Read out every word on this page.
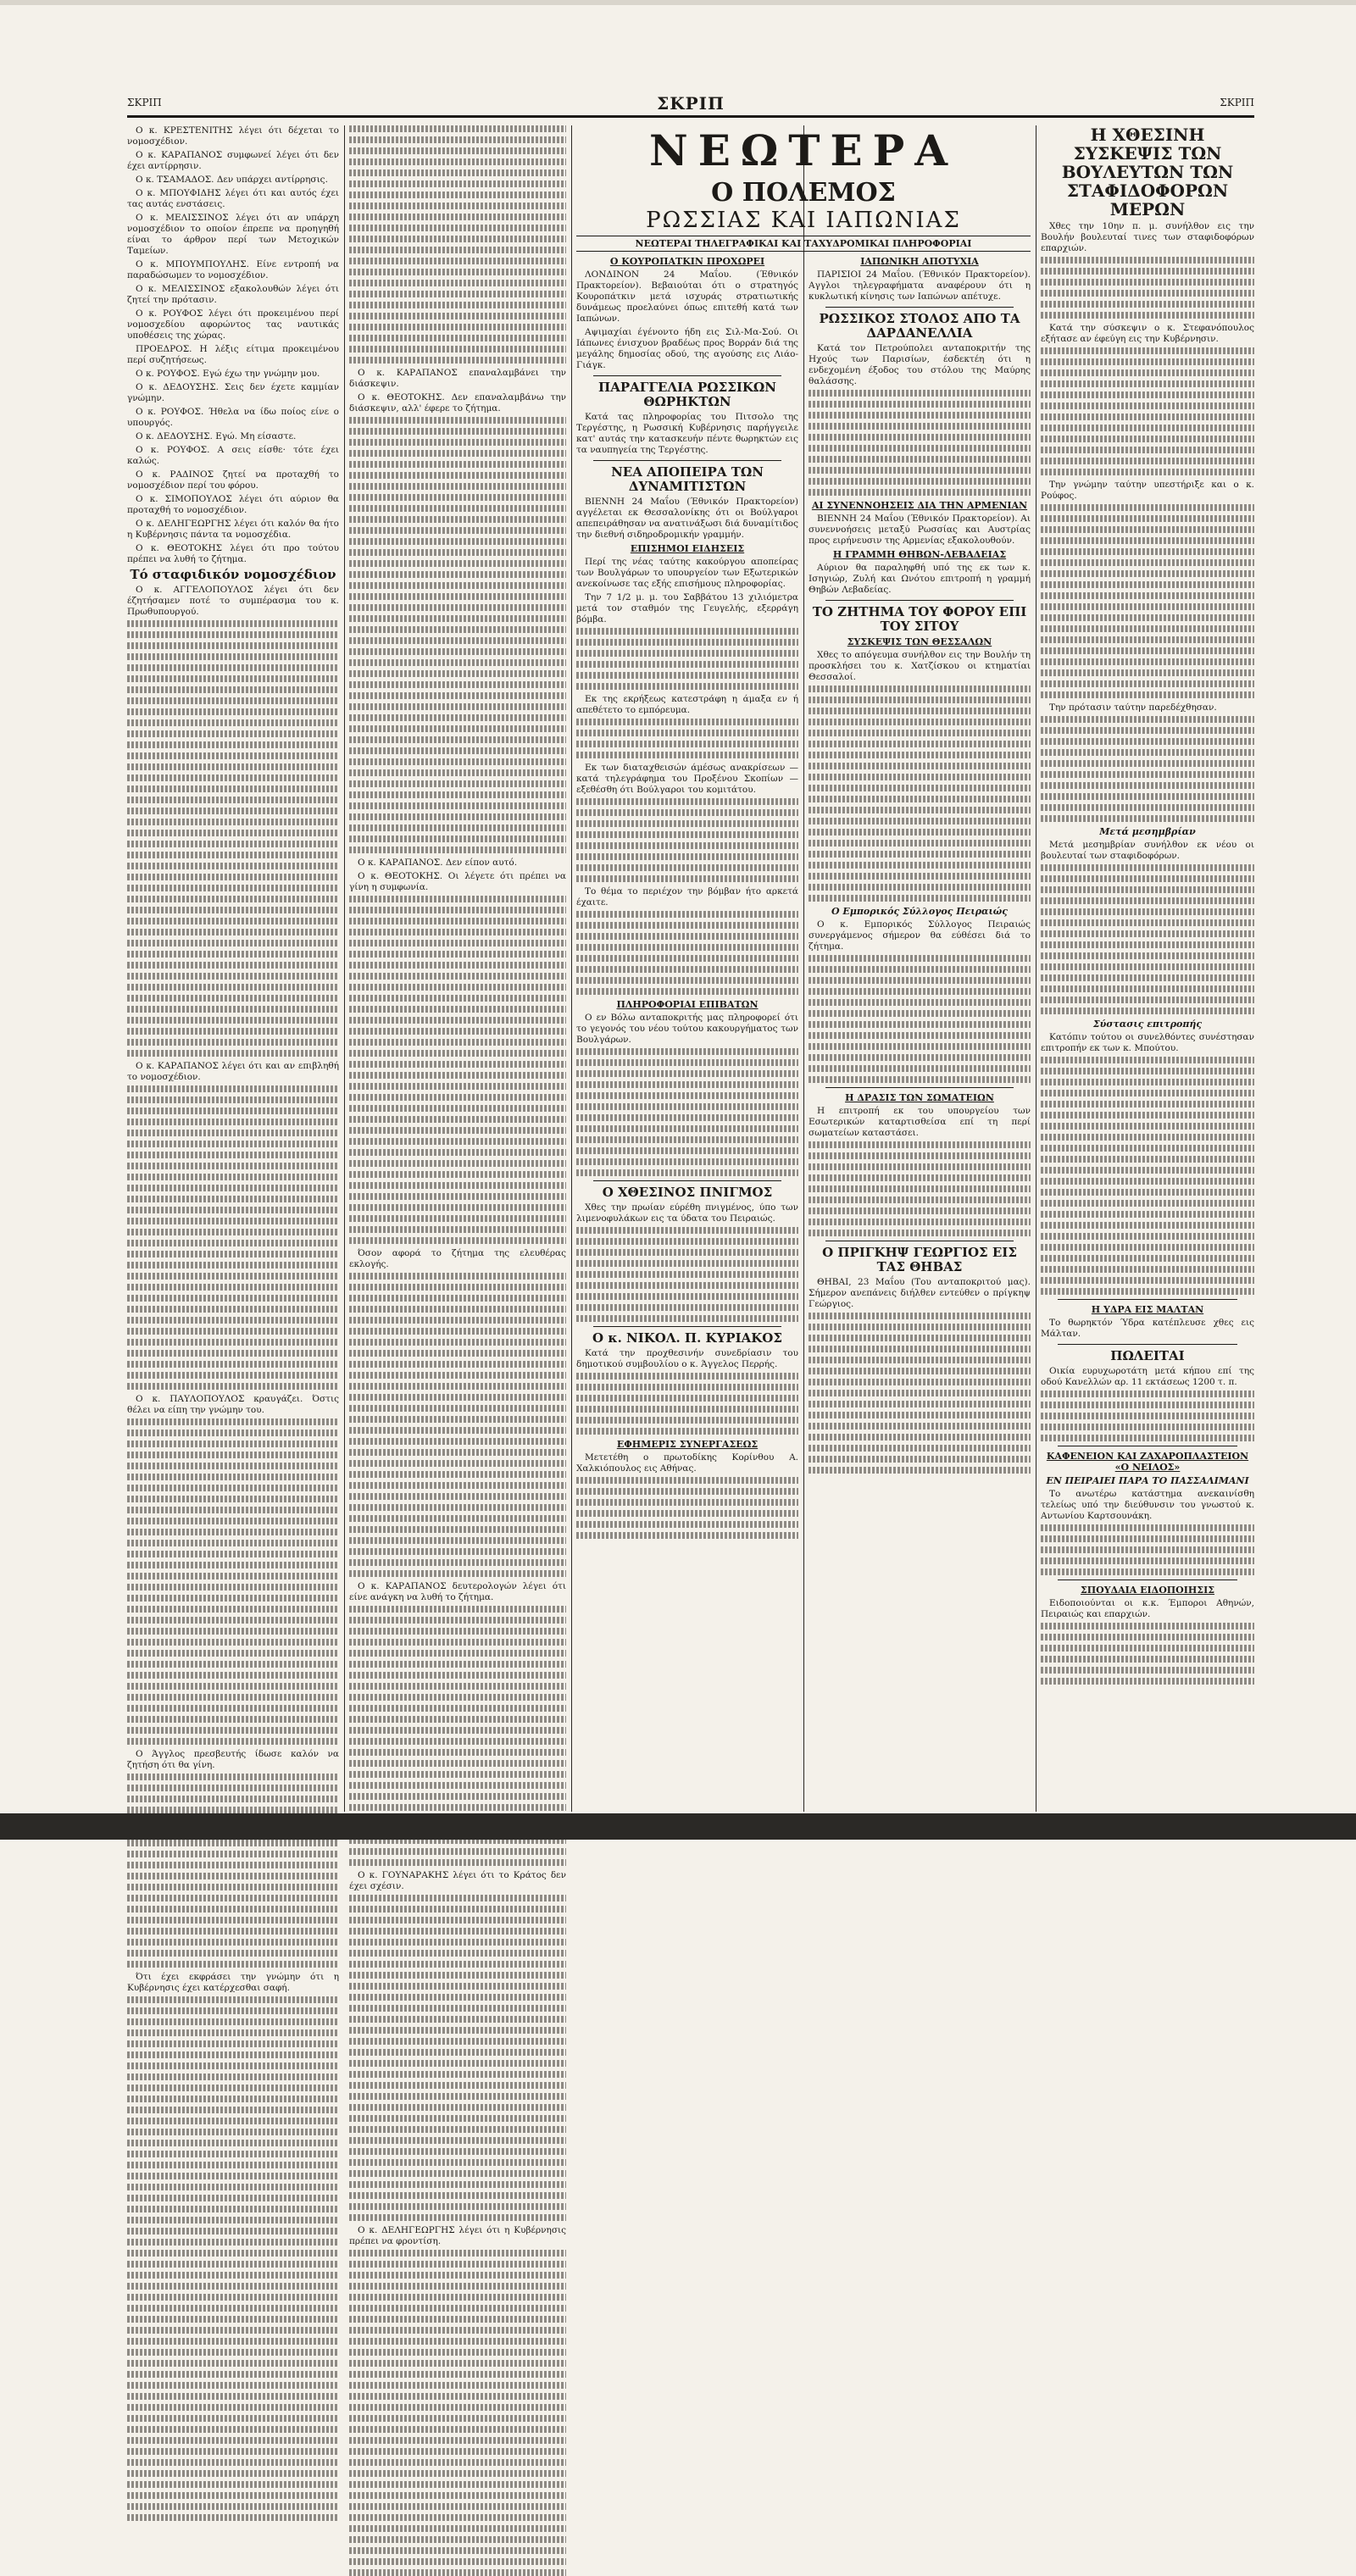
ΣΚΡΙΠ	ΣΚΡΙΠ	ΣΚΡΙΠ

Ο κ. ΚΡΕΣΤΕΝΙΤΗΣ λέγει ότι δέχεται το νομοσχέδιον.

Ο κ. ΚΑΡΑΠΑΝΟΣ συμφωνεί λέγει ότι δεν έχει αντίρρησιν.

Ο κ. ΤΣΑΜΑΔΟΣ. Δεν υπάρχει αντίρρησις.

Ο κ. ΜΠΟΥΦΙΔΗΣ λέγει ότι και αυτός έχει τας αυτάς ενστάσεις.

Ο κ. ΜΕΛΙΣΣΙΝΟΣ λέγει ότι αν υπάρχη νομοσχέδιον το οποίον έπρεπε να προηγηθή είναι το άρθρον περί των Μετοχικών Ταμείων.

Ο κ. ΜΠΟΥΜΠΟΥΛΗΣ. Είνε εντροπή να παραδώσωμεν το νομοσχέδιον.

Ο κ. ΜΕΛΙΣΣΙΝΟΣ εξακολουθών λέγει ότι ζητεί την πρότασιν.

Ο κ. ΡΟΥΦΟΣ λέγει ότι προκειμένου περί νομοσχεδίου αφορώντος τας ναυτικάς υποθέσεις της χώρας.

ΠΡΟΕΔΡΟΣ. Η λέξις είτιμα προκειμένου περί συζητήσεως.

Ο κ. ΡΟΥΦΟΣ. Εγώ έχω την γνώμην μου.

Ο κ. ΔΕΔΟΥΣΗΣ. Σεις δεν έχετε καμμίαν γνώμην.

Ο κ. ΡΟΥΦΟΣ. Ήθελα να ίδω ποίος είνε ο υπουργός.

Ο κ. ΔΕΔΟΥΣΗΣ. Εγώ. Μη είσαστε.

Ο κ. ΡΟΥΦΟΣ. Α σεις είσθε· τότε έχει καλώς.

Ο κ. ΡΑΔΙΝΟΣ ζητεί να προταχθή το νομοσχέδιον περί του φόρου.

Ο κ. ΣΙΜΟΠΟΥΛΟΣ λέγει ότι αύριον θα προταχθή το νομοσχέδιον.

Ο κ. ΔΕΛΗΓΕΩΡΓΗΣ λέγει ότι καλόν θα ήτο η Κυβέρνησις πάντα τα νομοσχέδια.

Ο κ. ΘΕΟΤΟΚΗΣ λέγει ότι προ τούτου πρέπει να λυθή το ζήτημα.

Τό σταφιδικόν νομοσχέδιον

Ο κ. ΑΓΓΕΛΟΠΟΥΛΟΣ λέγει ότι δεν έζητήσαμεν ποτέ το συμπέρασμα του κ. Πρωθυπουργού.

Ο κ. ΚΑΡΑΠΑΝΟΣ λέγει ότι και αν επιβληθή το νομοσχέδιον.

Ο κ. ΠΑΥΛΟΠΟΥΛΟΣ κραυγάζει. Όστις θέλει να είπη την γνώμην του.

Ο Άγγλος πρεσβευτής ίδωσε καλόν να ζητήση ότι θα γίνη.

Ότι έχει εκφράσει την γνώμην ότι η Κυβέρνησις έχει κατέρχεσθαι σαφή.

Ο κ. ΚΑΡΑΠΑΝΟΣ επαναλαμβάνει την διάσκεψιν.

Ο κ. ΘΕΟΤΟΚΗΣ. Δεν επαναλαμβάνω την διάσκεψιν, αλλ' έφερε το ζήτημα.

Ο κ. ΚΑΡΑΠΑΝΟΣ. Δεν είπον αυτό.

Ο κ. ΘΕΟΤΟΚΗΣ. Οι λέγετε ότι πρέπει να γίνη η συμφωνία.

Όσον αφορά το ζήτημα της ελευθέρας εκλογής.

Ο κ. ΚΑΡΑΠΑΝΟΣ δευτερολογών λέγει ότι είνε ανάγκη να λυθή το ζήτημα.

Ο κ. ΓΟΥΝΑΡΑΚΗΣ λέγει ότι το Κράτος δεν έχει σχέσιν.

Ο κ. ΔΕΛΗΓΕΩΡΓΗΣ λέγει ότι η Κυβέρνησις πρέπει να φροντίση.

ΝΕΩΤΕΡΑ
Ο ΠΟΛΕΜΟΣ
ΡΩΣΣΙΑΣ ΚΑΙ ΙΑΠΩΝΙΑΣ
ΝΕΩΤΕΡΑΙ ΤΗΛΕΓΡΑΦΙΚΑΙ ΚΑΙ ΤΑΧΥΔΡΟΜΙΚΑΙ ΠΛΗΡΟΦΟΡΙΑΙ

Ο ΚΟΥΡΟΠΑΤΚΙΝ ΠΡΟΧΩΡΕΙ

ΛΟΝΔΙΝΟΝ 24 Μαΐου. (Έθνικόν Πρακτορείον). Βεβαιούται ότι ο στρατηγός Κουροπάτκιν μετά ισχυράς στρατιωτικής δυνάμεως προελαύνει όπως επιτεθή κατά των Ιαπώνων.

Αψιμαχίαι έγένοντο ήδη εις Σιλ-Μα-Σού. Οι Ιάπωνες ένισχυον βραδέως προς Βορράν διά της μεγάλης δημοσίας οδού, της αγούσης εις Λιάο-Γιάγκ.

ΠΑΡΑΓΓΕΛΙΑ ΡΩΣΣΙΚΩΝ ΘΩΡΗΚΤΩΝ

Κατά τας πληροφορίας του Πιτσολο της Τεργέστης, η Ρωσσική Κυβέρνησις παρήγγειλε κατ' αυτάς την κατασκευήν πέντε θωρηκτών εις τα ναυπηγεία της Τεργέστης.

ΝΕΑ ΑΠΟΠΕΙΡΑ ΤΩΝ ΔΥΝΑΜΙΤΙΣΤΩΝ

ΒΙΕΝΝΗ 24 Μαΐου (Έθνικόν Πρακτορείον) αγγέλεται εκ Θεσσαλονίκης ότι οι Βούλγαροι απεπειράθησαν να ανατινάξωσι διά δυναμίτιδος την διεθνή σιδηροδρομικήν γραμμήν.

ΕΠΙΣΗΜΟΙ ΕΙΔΗΣΕΙΣ

Περί της νέας ταύτης κακούργου αποπείρας των Βουλγάρων το υπουργείον των Εξωτερικών ανεκοίνωσε τας εξής επισήμους πληροφορίας.

Την 7 1/2 μ. μ. του Σαββάτου 13 χιλιόμετρα μετά τον σταθμόν της Γευγελής, εξερράγη βόμβα.

Εκ της εκρήξεως κατεστράφη η άμαξα εν ή απεθέτετο το εμπόρευμα.

Εκ των διαταχθεισών άμέσως ανακρίσεων — κατά τηλεγράφημα του Προξένου Σκοπίων — εξεθέσθη ότι Βούλγαροι του κομιτάτου.

Το θέμα το περιέχον την βόμβαν ήτο αρκετά έχαιτε.

ΠΛΗΡΟΦΟΡΙΑΙ ΕΠΙΒΑΤΩΝ

Ο εν Βόλω ανταποκριτής μας πληροφορεί ότι το γεγονός του νέου τούτου κακουργήματος των Βουλγάρων.

Ο ΧΘΕΣΙΝΟΣ ΠΝΙΓΜΟΣ

Χθες την πρωίαν εύρέθη πνιγμένος, ύπο των λιμενοφυλάκων εις τα ύδατα του Πειραιώς.

Ο κ. ΝΙΚΟΛ. Π. ΚΥΡΙΑΚΟΣ

Κατά την προχθεσινήν συνεδρίασιν του δημοτικού συμβουλίου ο κ. Άγγελος Περρής.

ΕΦΗΜΕΡΙΣ ΣΥΝΕΡΓΑΣΕΩΣ

Μετετέθη ο πρωτοδίκης Κορίνθου Α. Χαλκιόπουλος εις Αθήνας.

ΙΑΠΩΝΙΚΗ ΑΠΟΤΥΧΙΑ

ΠΑΡΙΣΙΟΙ 24 Μαΐου. (Έθνικόν Πρακτορείον). Αγγλοι τηλεγραφήματα αναφέρουν ότι η κυκλωτική κίνησις των Ιαπώνων απέτυχε.

ΡΩΣΣΙΚΟΣ ΣΤΟΛΟΣ ΑΠΟ ΤΑ ΔΑΡΔΑΝΕΛΛΙΑ

Κατά τον Πετρούπολει ανταποκριτήν της Ηχούς των Παρισίων, έσδεκτέη ότι η ενδεχομένη έξοδος του στόλου της Μαύρης θαλάσσης.

ΑΙ ΣΥΝΕΝΝΟΗΣΕΙΣ ΔΙΑ ΤΗΝ ΑΡΜΕΝΙΑΝ

ΒΙΕΝΝΗ 24 Μαΐου (Έθνικόν Πρακτορείον). Αι συνεννοήσεις μεταξύ Ρωσσίας και Αυστρίας προς ειρήνευσιν της Αρμενίας εξακολουθούν.

Η ΓΡΑΜΜΗ ΘΗΒΩΝ-ΛΕΒΑΔΕΙΑΣ

Αύριον θα παραληφθή υπό της εκ των κ. Ισηγιώρ, Ζυλή και Ωνότου επιτροπή η γραμμή Θηβών Λεβαδείας.

ΤΟ ΖΗΤΗΜΑ ΤΟΥ ΦΟΡΟΥ ΕΠΙ ΤΟΥ ΣΙΤΟΥ

ΣΥΣΚΕΨΙΣ ΤΩΝ ΘΕΣΣΑΛΩΝ

Χθες το απόγευμα συνήλθον εις την Βουλήν τη προσκλήσει του κ. Χατζίσκου οι κτηματίαι Θεσσαλοί.

Ο Εμπορικός Σύλλογος Πειραιώς

Ο κ. Εμπορικός Σύλλογος Πειραιώς συνεργάμενος σήμερον θα εύθέσει διά το ζήτημα.

Η ΔΡΑΣΙΣ ΤΩΝ ΣΩΜΑΤΕΙΩΝ

Η επιτροπή εκ του υπουργείου των Εσωτερικών καταρτισθείσα επί τη περί σωματείων καταστάσει.

Ο ΠΡΙΓΚΗΨ ΓΕΩΡΓΙΟΣ ΕΙΣ ΤΑΣ ΘΗΒΑΣ

ΘΗΒΑΙ, 23 Μαΐου (Του ανταποκριτού μας). Σήμερον ανεπάνεις διήλθεν εντεύθεν ο πρίγκηψ Γεώργιος.

Η ΧΘΕΣΙΝΗ ΣΥΣΚΕΨΙΣ ΤΩΝ ΒΟΥΛΕΥΤΩΝ ΤΩΝ ΣΤΑΦΙΔΟΦΟΡΩΝ ΜΕΡΩΝ

Χθες την 10ην π. μ. συνήλθον εις την Βουλήν βουλευταί τινες των σταφιδοφόρων επαρχιών.

Κατά την σύσκεψιν ο κ. Στεφανόπουλος εξήτασε αν έφεύγη εις την Κυβέρνησιν.

Την γνώμην ταύτην υπεστήριξε και ο κ. Ρούφος.

Την πρότασιν ταύτην παρεδέχθησαν.

Μετά μεσημβρίαν

Μετά μεσημβρίαν συνήλθον εκ νέου οι βουλευταί των σταφιδοφόρων.

Σύστασις επιτροπής

Κατόπιν τούτου οι συνελθόντες συνέστησαν επιτροπήν εκ των κ. Μπούτου.

Η ΥΔΡΑ ΕΙΣ ΜΑΛΤΑΝ

Το θωρηκτόν Ύδρα κατέπλευσε χθες εις Μάλταν.

ΠΩΛΕΙΤΑΙ

Οικία ευρυχωροτάτη μετά κήπου επί της οδού Κανελλών αρ. 11 εκτάσεως 1200 τ. π.

ΚΑΦΕΝΕΙΟΝ ΚΑΙ ΖΑΧΑΡΟΠΛΑΣΤΕΙΟΝ «Ο ΝΕΙΛΟΣ»

ΕΝ ΠΕΙΡΑΙΕΙ ΠΑΡΑ ΤΟ ΠΑΣΣΑΛΙΜΑΝΙ

Το ανωτέρω κατάστημα ανεκαινίσθη τελείως υπό την διεύθυνσιν του γνωστού κ. Αντωνίου Καρτσουνάκη.

ΣΠΟΥΔΑΙΑ ΕΙΔΟΠΟΙΗΣΙΣ

Ειδοποιούνται οι κ.κ. Έμποροι Αθηνών, Πειραιώς και επαρχιών.
